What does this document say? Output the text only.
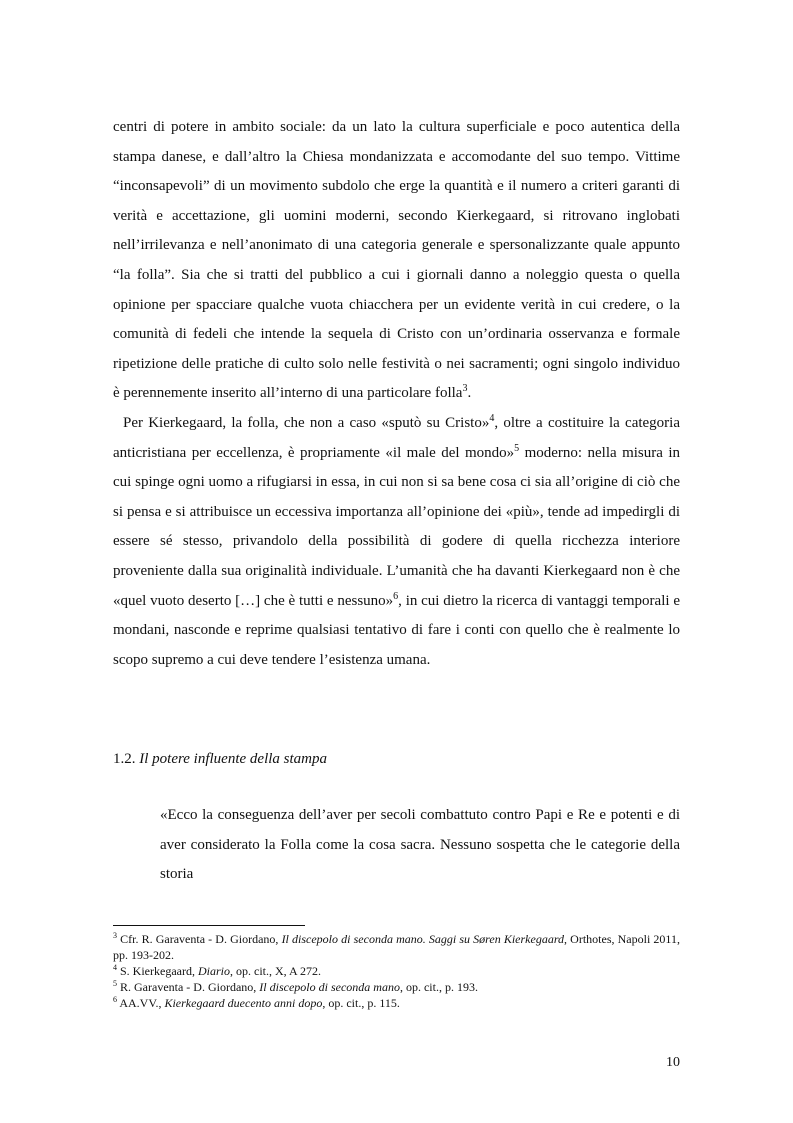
centri di potere in ambito sociale: da un lato la cultura superficiale e poco autentica della stampa danese, e dall’altro la Chiesa mondanizzata e accomodante del suo tempo. Vittime “inconsapevoli” di un movimento subdolo che erge la quantità e il numero a criteri garanti di verità e accettazione, gli uomini moderni, secondo Kierkegaard, si ritrovano inglobati nell’irrilevanza e nell’anonimato di una categoria generale e spersonalizzante quale appunto “la folla”. Sia che si tratti del pubblico a cui i giornali danno a noleggio questa o quella opinione per spacciare qualche vuota chiacchera per un evidente verità in cui credere, o la comunità di fedeli che intende la sequela di Cristo con un’ordinaria osservanza e formale ripetizione delle pratiche di culto solo nelle festività o nei sacramenti; ogni singolo individuo è perennemente inserito all’interno di una particolare folla$^3$.

Per Kierkegaard, la folla, che non a caso «sputò su Cristo»$^4$, oltre a costituire la categoria anticristiana per eccellenza, è propriamente «il male del mondo»$^5$ moderno: nella misura in cui spinge ogni uomo a rifugiarsi in essa, in cui non si sa bene cosa ci sia all’origine di ciò che si pensa e si attribuisce un eccessiva importanza all’opinione dei «più», tende ad impedirgli di essere sé stesso, privandolo della possibilità di godere di quella ricchezza interiore proveniente dalla sua originalità individuale. L’umanità che ha davanti Kierkegaard non è che «quel vuoto deserto […] che è tutti e nessuno»$^6$, in cui dietro la ricerca di vantaggi temporali e mondani, nasconde e reprime qualsiasi tentativo di fare i conti con quello che è realmente lo scopo supremo a cui deve tendere l’esistenza umana.

1.2. Il potere influente della stampa

«Ecco la conseguenza dell’aver per secoli combattuto contro Papi e Re e potenti e di aver considerato la Folla come la cosa sacra. Nessuno sospetta che le categorie della storia

$^3$ Cfr. R. Garaventa - D. Giordano, Il discepolo di seconda mano. Saggi su Søren Kierkegaard, Orthotes, Napoli 2011, pp. 193-202.

$^4$ S. Kierkegaard, Diario, op. cit., X, A 272.

$^5$ R. Garaventa - D. Giordano, Il discepolo di seconda mano, op. cit., p. 193.

$^6$ AA.VV., Kierkegaard duecento anni dopo, op. cit., p. 115.

10
